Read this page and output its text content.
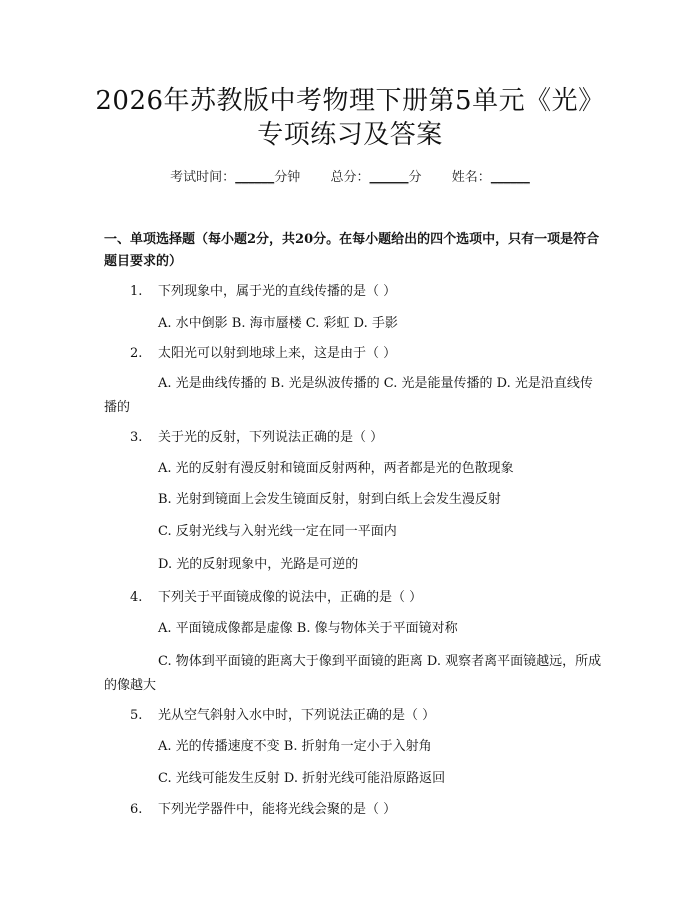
2026年苏教版中考物理下册第5单元《光》
专项练习及答案
考试时间：______分钟 总分：______分 姓名：______
一、单项选择题（每小题2分，共20分。在每小题给出的四个选项中，只有一项是符合题目要求的）
1. 下列现象中，属于光的直线传播的是（ ）
A. 水中倒影 B. 海市蜃楼 C. 彩虹 D. 手影
2. 太阳光可以射到地球上来，这是由于（ ）
A. 光是曲线传播的 B. 光是纵波传播的 C. 光是能量传播的 D. 光是沿直线传播的
3. 关于光的反射，下列说法正确的是（ ）
A. 光的反射有漫反射和镜面反射两种，两者都是光的色散现象
B. 光射到镜面上会发生镜面反射，射到白纸上会发生漫反射
C. 反射光线与入射光线一定在同一平面内
D. 光的反射现象中，光路是可逆的
4. 下列关于平面镜成像的说法中，正确的是（ ）
A. 平面镜成像都是虚像 B. 像与物体关于平面镜对称
C. 物体到平面镜的距离大于像到平面镜的距离 D. 观察者离平面镜越远，所成的像越大
5. 光从空气斜射入水中时，下列说法正确的是（ ）
A. 光的传播速度不变 B. 折射角一定小于入射角
C. 光线可能发生反射 D. 折射光线可能沿原路返回
6. 下列光学器件中，能将光线会聚的是（ ）
